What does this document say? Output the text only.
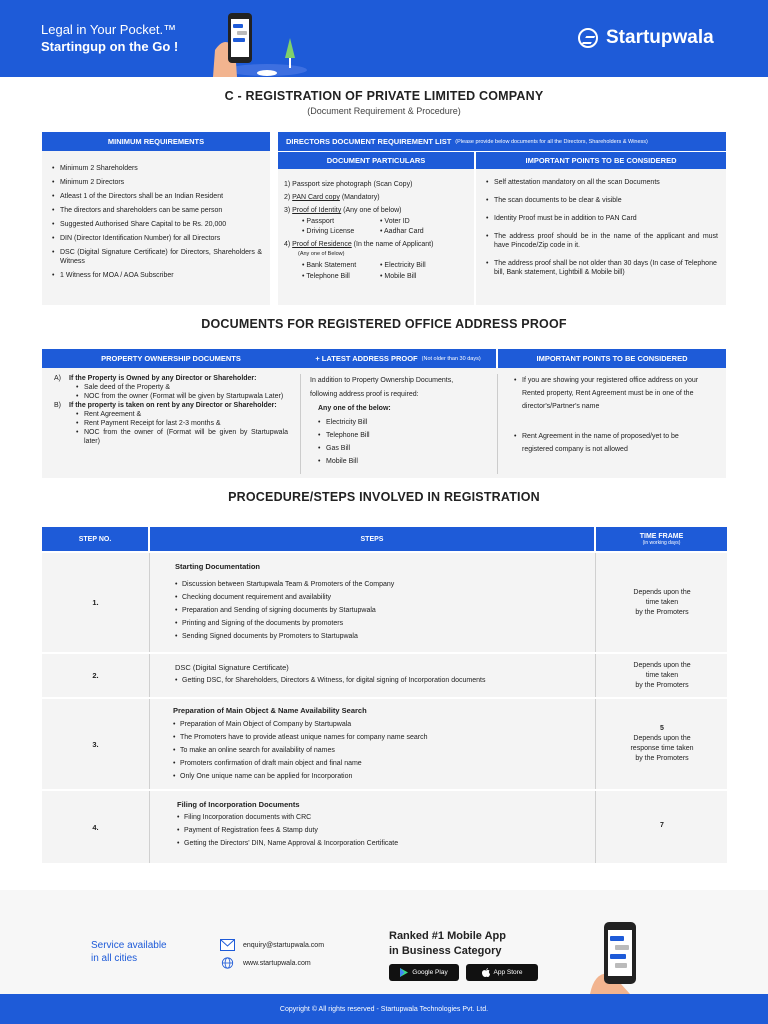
Legal in Your Pocket.™
Startingup on the Go !	Startupwala
C - REGISTRATION OF PRIVATE LIMITED COMPANY
(Document Requirement & Procedure)
MINIMUM REQUIREMENTS	DIRECTORS DOCUMENT REQUIREMENT LIST (Please provide below documents for all the Directors, Shareholders & Winess)
DOCUMENT PARTICULARS	IMPORTANT POINTS TO BE CONSIDERED
• Minimum 2 Shareholders
• Minimum 2 Directors
• Atleast 1 of the Directors shall be an Indian Resident
• The directors and shareholders can be same person
• Suggested Authorised Share Capital to be Rs. 20,000
• DIN (Director Identification Number) for all Directors
• DSC (Digital Signature Certificate) for Directors, Shareholders & Witness
• 1 Witness for MOA / AOA Subscriber
1) Passport size photograph (Scan Copy)
2) PAN Card copy (Mandatory)
3) Proof of Identity (Any one of below)
• Passport	• Voter ID
• Driving License	• Aadhar Card
4) Proof of Residence (In the name of Applicant)
(Any one of Below)
• Bank Statement	• Electricity Bill
• Telephone Bill	• Mobile Bill
• Self attestation mandatory on all the scan Documents
• The scan documents to be clear & visible
• Identity Proof must be in addition to PAN Card
• The address proof should be in the name of the applicant and must have Pincode/Zip code in it.
• The address proof shall be not older than 30 days (In case of Telephone bill, Bank statement, Lightbill & Mobile bill)
DOCUMENTS FOR REGISTERED OFFICE ADDRESS PROOF
PROPERTY OWNERSHIP DOCUMENTS	+ LATEST ADDRESS PROOF (Not older than 30 days)	IMPORTANT POINTS TO BE CONSIDERED
A) If the Property is Owned by any Director or Shareholder:
• Sale deed of the Property &
• NOC from the owner (Format will be given by Startupwala Later)
B) If the property is taken on rent by any Director or Shareholder:
• Rent Agreement &
• Rent Payment Receipt for last 2-3 months &
• NOC from the owner of (Format will be given by Startupwala later)
In addition to Property Ownership Documents,
following address proof is required:
Any one of the below:
• Electricity Bill
• Telephone Bill
• Gas Bill
• Mobile Bill
• If you are showing your registered office address on your Rented property, Rent Agreement must be in one of the director's/Partner's name
• Rent Agreement in the name of proposed/yet to be registered company is not allowed
PROCEDURE/STEPS INVOLVED IN REGISTRATION
STEP NO.	STEPS	TIME FRAME
(in working days)
1.
Starting Documentation
• Discussion between Startupwala Team & Promoters of the Company
• Checking document requirement and availability
• Preparation and Sending of signing documents by Startupwala
• Printing and Signing of the documents by promoters
• Sending Signed documents by Promoters to Startupwala
Depends upon the
time taken
by the Promoters
2.
DSC (Digital Signature Certificate)
• Getting DSC, for Shareholders, Directors & Witness, for digital signing of Incorporation documents
Depends upon the
time taken
by the Promoters
3.
Preparation of Main Object & Name Availability Search
• Preparation of Main Object of Company by Startupwala
• The Promoters have to provide atleast unique names for company name search
• To make an online search for availability of names
• Promoters confirmation of draft main object and final name
• Only One unique name can be applied for Incorporation
5
Depends upon the
response time taken
by the Promoters
4.
Filing of Incorporation Documents
• Filing Incorporation documents with CRC
• Payment of Registration fees & Stamp duty
• Getting the Directors' DIN, Name Approval & Incorporation Certificate
7
Service available
in all cities
enquiry@startupwala.com
www.startupwala.com
Ranked #1 Mobile App
in Business Category
Google Play	App Store
Copyright © All rights reserved - Startupwala Technologies Pvt. Ltd.
